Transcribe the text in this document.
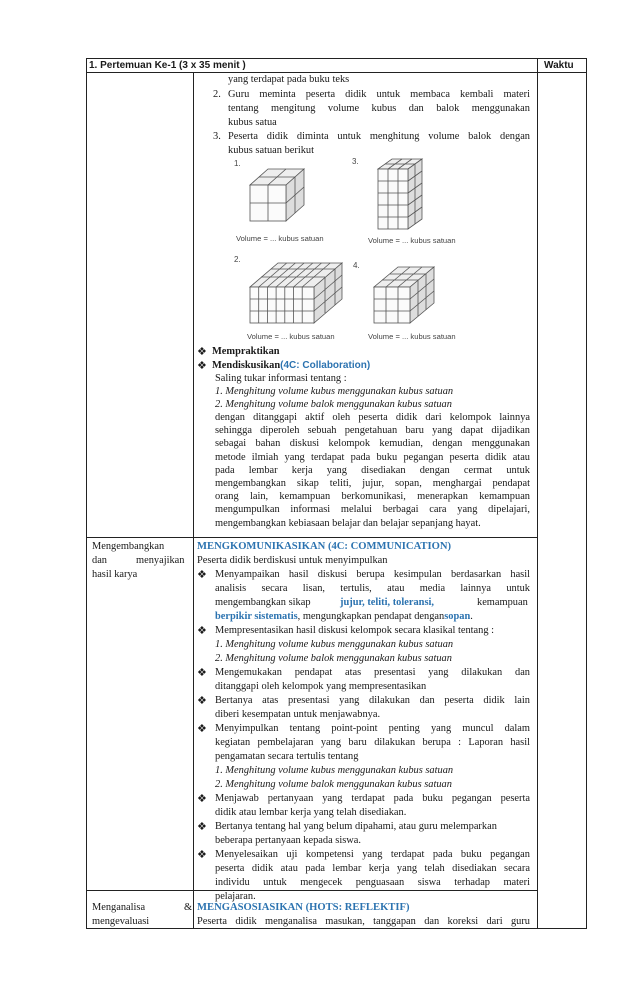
1. Pertemuan Ke-1 (3 x 35 menit )	Waktu
yang terdapat pada buku teks
2. Guru meminta peserta didik untuk membaca kembali materi
tentang mengitung volume kubus dan balok menggunakan
kubus satua
3. Peserta didik diminta untuk menghitung volume balok dengan
kubus satuan berikut
1.	3.
Volume = ... kubus satuan	Volume = ... kubus satuan
2.
4.
Volume = ... kubus satuan	Volume = ... kubus satuan
❖ Mempraktikan
❖ Mendiskusikan(4C: Collaboration)
Saling tukar informasi tentang :
1. Menghitung volume kubus menggunakan kubus satuan
2. Menghitung volume balok menggunakan kubus satuan
dengan ditanggapi aktif oleh peserta didik dari kelompok lainnya
sehingga diperoleh sebuah pengetahuan baru yang dapat dijadikan
sebagai bahan diskusi kelompok kemudian, dengan menggunakan
metode ilmiah yang terdapat pada buku pegangan peserta didik atau
pada lembar kerja yang disediakan dengan cermat untuk
mengembangkan sikap teliti, jujur, sopan, menghargai pendapat
orang lain, kemampuan berkomunikasi, menerapkan kemampuan
mengumpulkan informasi melalui berbagai cara yang dipelajari,
mengembangkan kebiasaan belajar dan belajar sepanjang hayat.
Mengembangkan
dan	menyajikan
hasil karya
MENGKOMUNIKASIKAN (4C: COMMUNICATION)
Peserta didik berdiskusi untuk menyimpulkan
❖ Menyampaikan hasil diskusi berupa kesimpulan berdasarkan hasil
analisis secara lisan, tertulis, atau media lainnya untuk
mengembangkan sikap	jujur, teliti, toleransi,	kemampuan
berpikir sistematis, mengungkapkan pendapat dengansopan.
❖ Mempresentasikan hasil diskusi kelompok secara klasikal tentang :
1. Menghitung volume kubus menggunakan kubus satuan
2. Menghitung volume balok menggunakan kubus satuan
❖ Mengemukakan pendapat atas presentasi yang dilakukan dan
ditanggapi oleh kelompok yang mempresentasikan
❖ Bertanya atas presentasi yang dilakukan dan peserta didik lain
diberi kesempatan untuk menjawabnya.
❖ Menyimpulkan tentang point-point penting yang muncul dalam
kegiatan pembelajaran yang baru dilakukan berupa : Laporan hasil
pengamatan secara tertulis tentang
1. Menghitung volume kubus menggunakan kubus satuan
2. Menghitung volume balok menggunakan kubus satuan
❖ Menjawab pertanyaan yang terdapat pada buku pegangan peserta
didik atau lembar kerja yang telah disediakan.
❖ Bertanya tentang hal yang belum dipahami, atau guru melemparkan
beberapa pertanyaan kepada siswa.
❖ Menyelesaikan uji kompetensi yang terdapat pada buku pegangan
peserta didik atau pada lembar kerja yang telah disediakan secara
individu untuk mengecek penguasaan siswa terhadap materi
pelajaran.
Menganalisa	&
mengevaluasi
MENGASOSIASIKAN (HOTS: REFLEKTIF)
Peserta didik menganalisa masukan, tanggapan dan koreksi dari guru
